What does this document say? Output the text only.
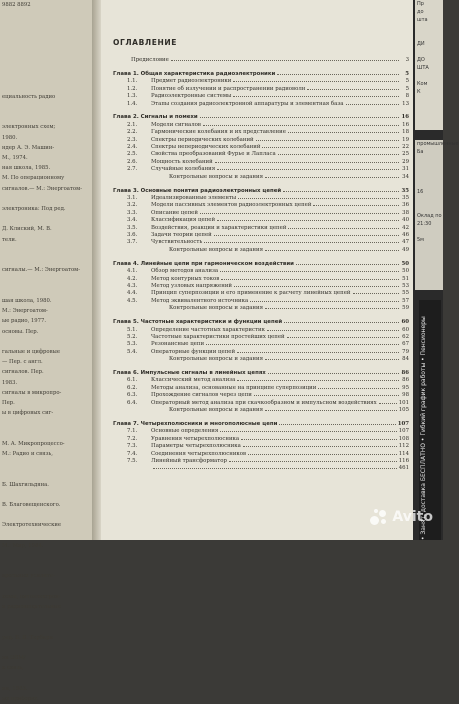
9882 8892

ециальность радио

электронных схем;
1980.
ндер А. Э. Машин-
М., 1974.
ная школа, 1985.
М. По операционному
сигналов.— М.: Энергоатом-

электроника: Под ред.

Д. Клиский, М. В.
тели.

сигналы.— М.: Энергоатом-

шая школа, 1980.
М.: Энергоатом-
ые радио, 1977.
основы. Пер.

гальные и цифровые
— Пер. с англ.
сигналов. Пер.
1983.
сигналы в микропро-
Пер.
ы в цифровых сиг-

М. А. Микропроцессо-
М.: Радио и связь,

Б. Шахгильдяна.

В. Благовещенского.

Электротехнические

М.: Мир, 1984.

арольных усилите-

хемы, цитоэлектрон-
и радиовещательные

ред. Б. В. Тербари

на ЭВМ/
к связь,

ии, 1983.
ых приборах.
ОГЛАВЛЕНИЕ
Предисловие	3
Глава 1. Общая характеристика радиоэлектроники	5
1.1.	Предмет радиоэлектроники	5
1.2.	Понятие об излучении и распространении радиоволн	5
1.3.	Радиоэлектронные системы	8
1.4.	Этапы создания радиоэлектронной аппаратуры и элементная база	13
Глава 2. Сигналы и помехи	16
2.1.	Модели сигналов	16
2.2.	Гармонические колебания и их представление	18
2.3.	Спектры периодических колебаний	19
2.4.	Спектры непериодических колебаний	22
2.5.	Свойства преобразований Фурье и Лапласа	25
2.6.	Мощность колебаний	29
2.7.	Случайные колебания	31
Контрольные вопросы и задания	34
Глава 3. Основные понятия радиоэлектронных цепей	35
3.1.	Идеализированные элементы	35
3.2.	Модели пассивных элементов радиоэлектронных цепей	36
3.3.	Описание цепей	38
3.4.	Классификация цепей	40
3.5.	Воздействия, реакции и характеристики цепей	42
3.6.	Задачи теории цепей	46
3.7.	Чувствительность	47
Контрольные вопросы и задания	49
Глава 4. Линейные цепи при гармоническом воздействии	50
4.1.	Обзор методов анализа	50
4.2.	Метод контурных токов	51
4.3.	Метод узловых напряжений	53
4.4.	Принцип суперпозиции и его применение к расчету линейных цепей	55
4.5.	Метод эквивалентного источника	57
Контрольные вопросы и задания	59
Глава 5. Частотные характеристики и функции цепей	60
5.1.	Определение частотных характеристик	60
5.2.	Частотные характеристики простейших цепей	62
5.3.	Резонансные цепи	67
5.4.	Операторные функции цепей	79
Контрольные вопросы и задания	84
Глава 6. Импульсные сигналы в линейных цепях	86
6.1.	Классический метод анализа	86
6.2.	Методы анализа, основанные на принципе суперпозиции	95
6.3.	Прохождение сигналов через цепи	98
6.4.	Операторный метод анализа при скачкообразном и импульсном воздействиях	101
Контрольные вопросы и задания	105
Глава 7. Четырехполюсники и многополюсные цепи	107
7.1.	Основные определения	107
7.2.	Уравнения четырехполюсника	108
7.3.	Параметры четырехполюсника	112
7.4.	Соединения четырехполюсников	114
7.5.	Линейный трансформатор	116
461
Пр
до
шта

ДИ

ДО
ШТА

Ком
К
промышленные
Ба

16

Оклад по
21:30

5м
• Занят, доставка БЕСПЛАТНО • Гибкий график работы • Пенсионеры
Avito
